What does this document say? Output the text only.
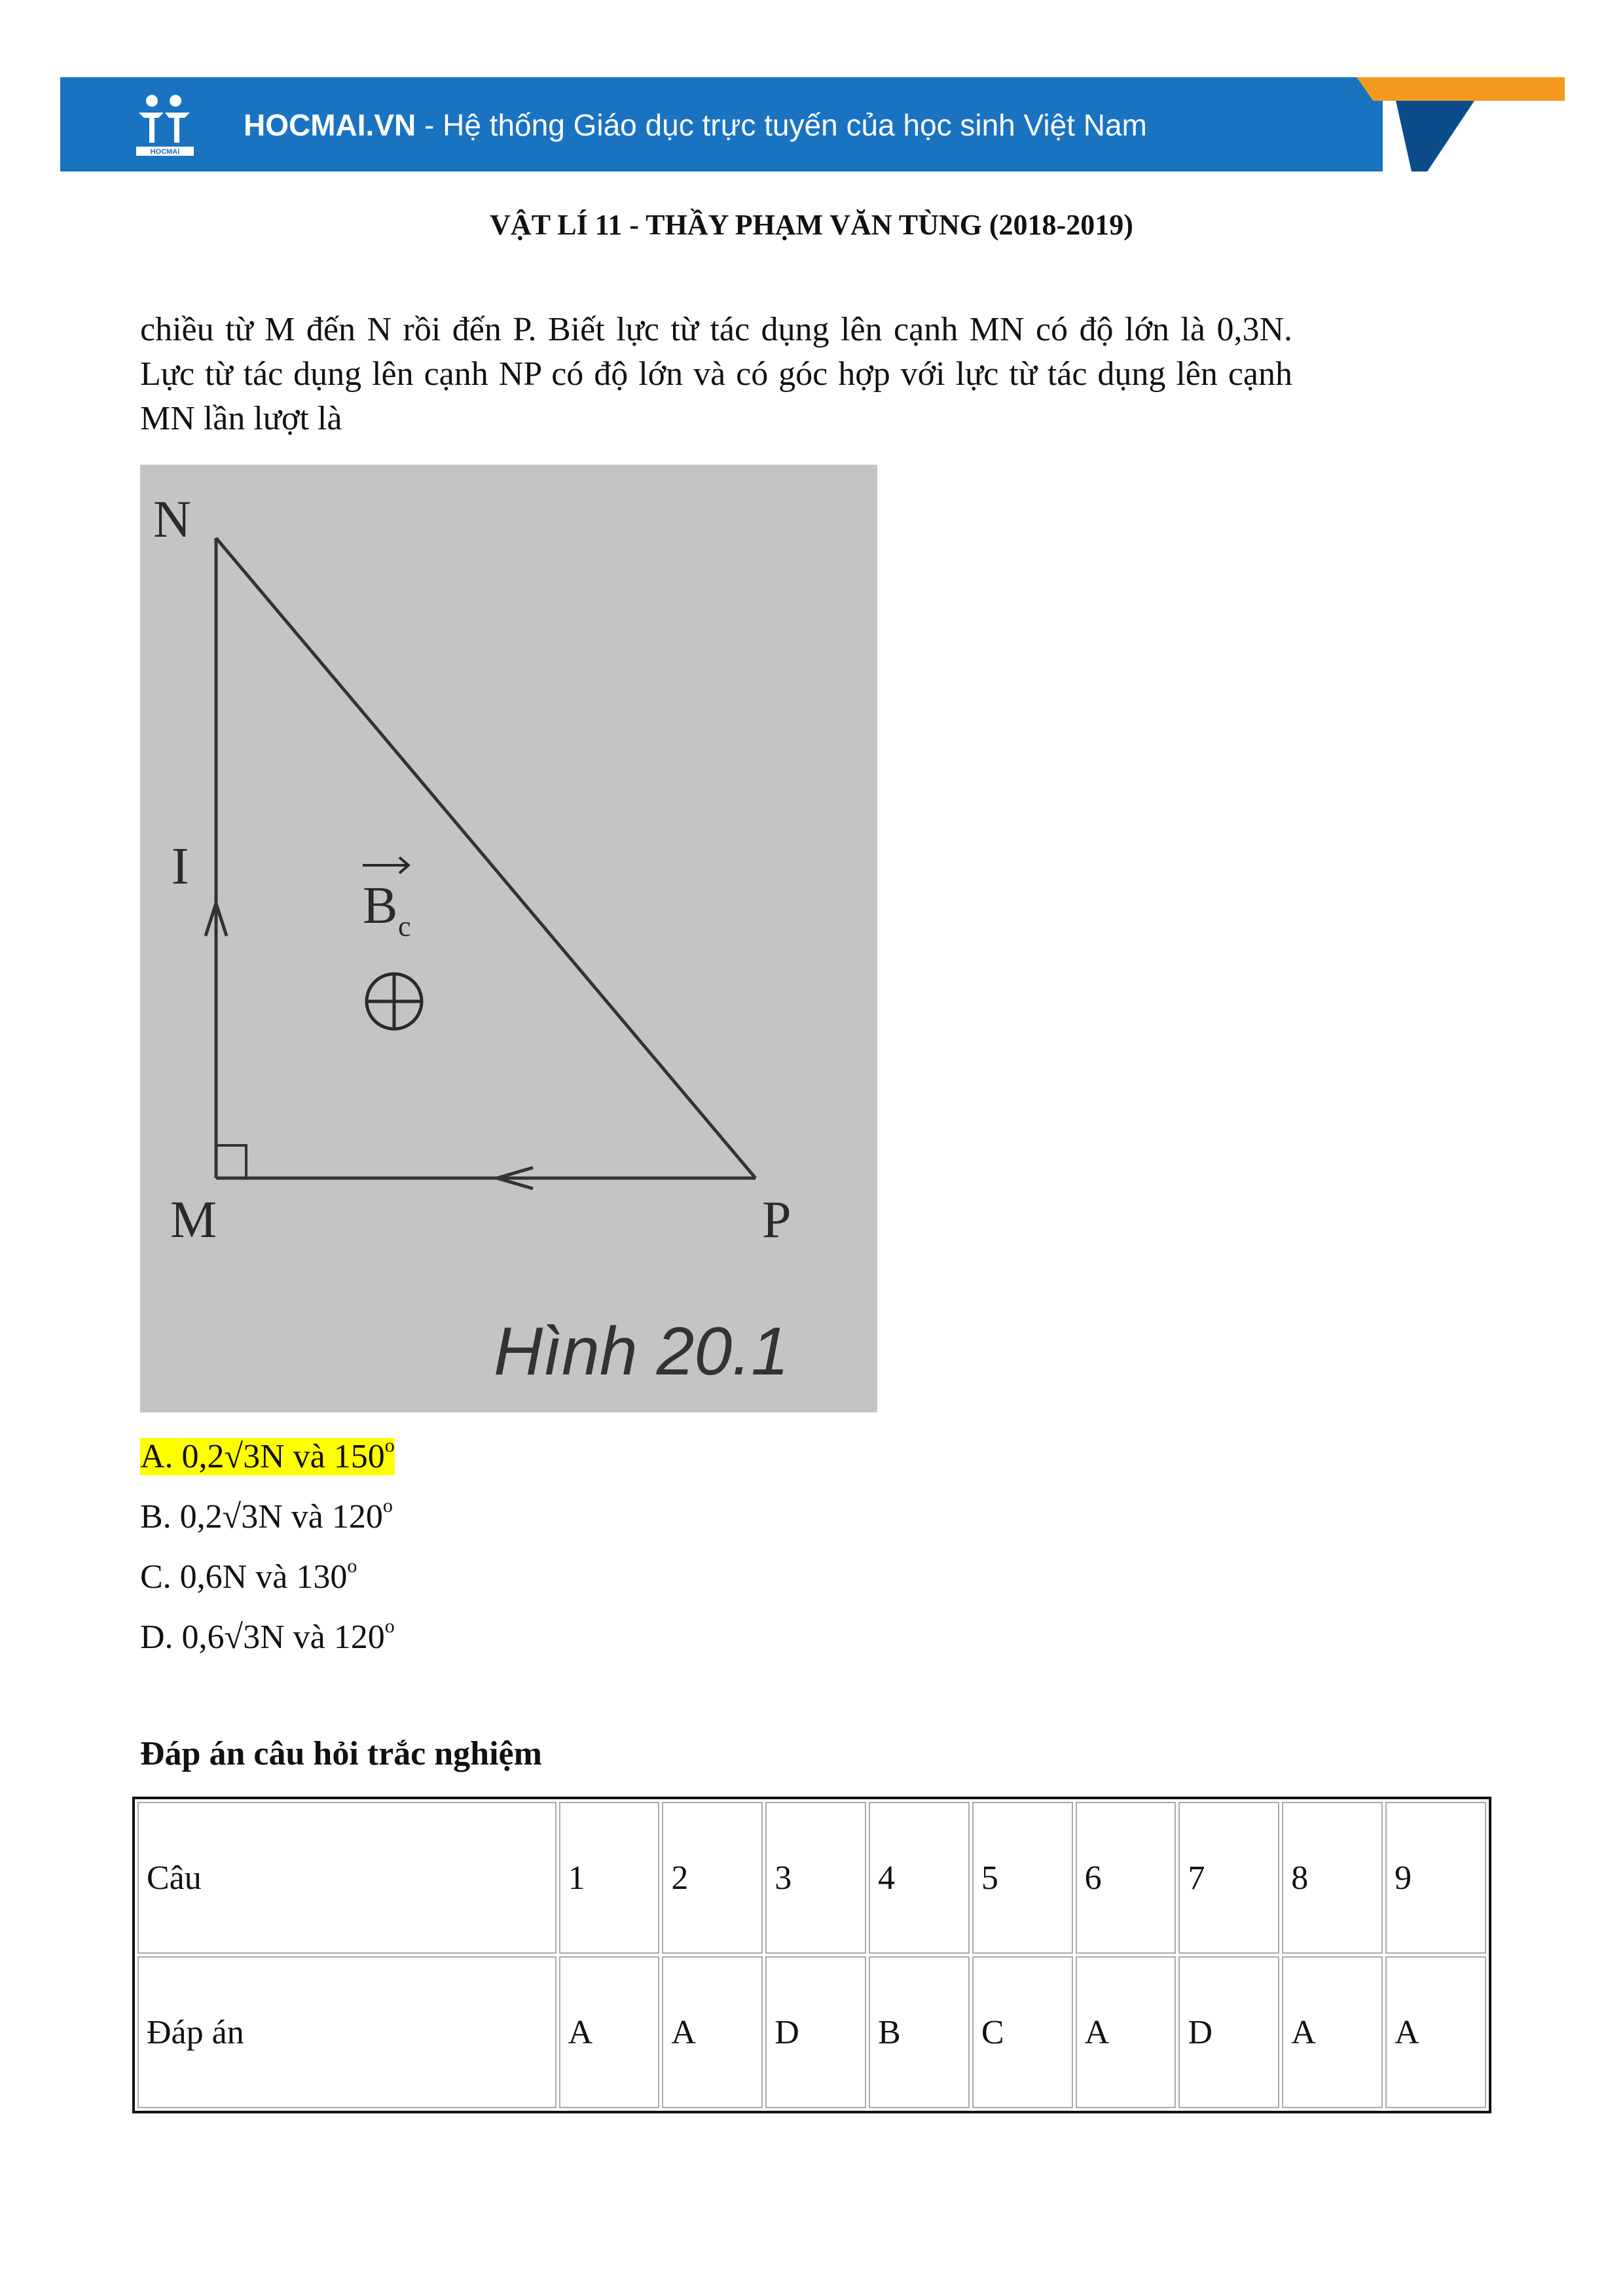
HOCMAI
HOCMAI.VN - Hệ thống Giáo dục trực tuyến của học sinh Việt Nam
VẬT LÍ 11 - THẦY PHẠM VĂN TÙNG (2018-2019)
chiều từ M đến N rồi đến P. Biết lực từ tác dụng lên cạnh MN có độ lớn là 0,3N. Lực từ tác dụng lên cạnh NP có độ lớn và có góc hợp với lực từ tác dụng lên cạnh MN lần lượt là
N
M	P
I
B c
Hình 20.1
A. 0,2√3N và 150$^o$
B. 0,2√3N và 120$^o$
C. 0,6N và 130$^o$
D. 0,6√3N và 120$^o$
Đáp án câu hỏi trắc nghiệm
Câu	1	2	3	4	5	6	7	8	9
Đáp án	A	A	D	B	C	A	D	A	A
